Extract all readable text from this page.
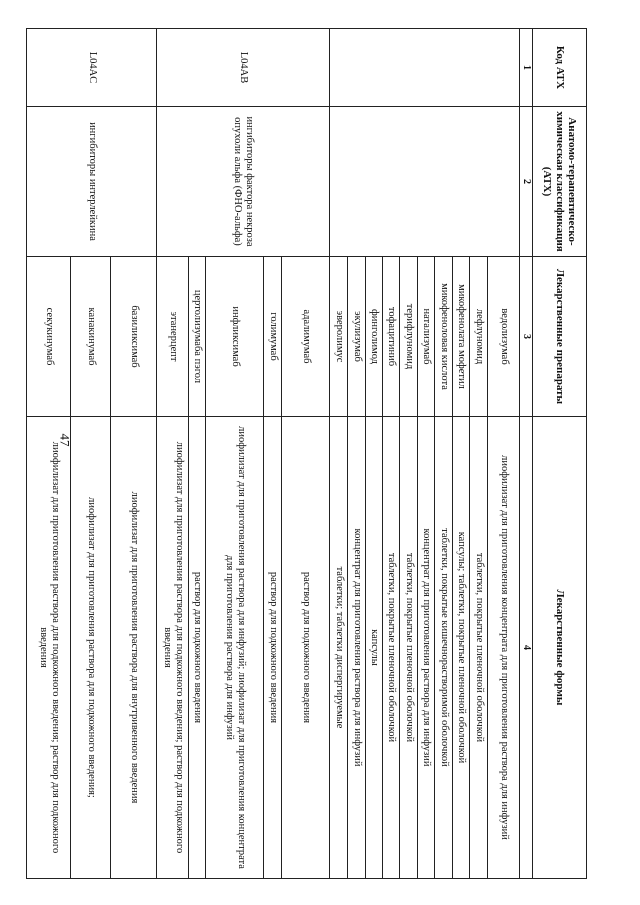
47
Код АТХ	Анатомо-терапевтическо-химическая классификация (АТХ)	Лекарственные препараты	Лекарственные формы
1	2	3	4
		ведолизумаб	лиофилизат для приготовления концентрата для приготовления раствора для инфузий
		лефлуномид	таблетки, покрытые пленочной оболочкой
		микофенолата мофетил	капсулы; таблетки, покрытые пленочной оболочкой
		микофеноловая кислота	таблетки, покрытые кишечнорастворимой оболочкой
		натализумаб	концентрат для приготовления раствора для инфузий
		терифлуномид	таблетки, покрытые пленочной оболочкой
		тофацитиниб	таблетки, покрытые пленочной оболочкой
		финголимод	капсулы
		экулизумаб	концентрат для приготовления раствора для инфузий
		эверолимус	таблетки; таблетки диспергируемые
L04AB	ингибиторы фактора некроза опухоли альфа (ФНО-альфа)	адалимумаб	раствор для подкожного введения
		голимумаб	раствор для подкожного введения
		инфликсимаб	лиофилизат для приготовления раствора для инфузий; лиофилизат для приготовления концентрата для приготовления раствора для инфузий
		цертолизумаба пэгол	раствор для подкожного введения
		этанерцепт	лиофилизат для приготовления раствора для подкожного введения; раствор для подкожного введения
L04AC	ингибиторы интерлейкина	базиликсимаб	лиофилизат для приготовления раствора для внутривенного введения
		канакинумаб	лиофилизат для приготовления раствора для подкожного введения;
		секукинумаб	лиофилизат для приготовления раствора для подкожного введения; раствор для подкожного введения
